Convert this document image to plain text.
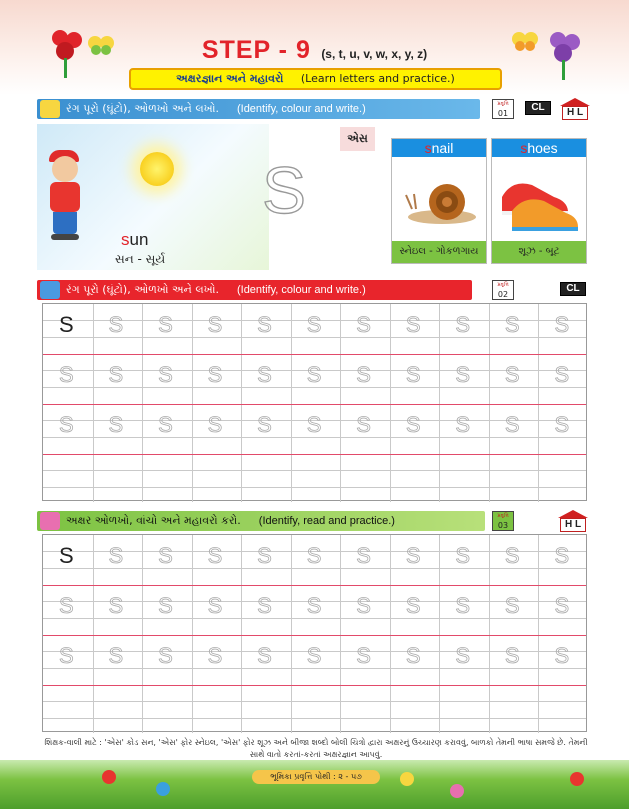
STEP - 9 (s, t, u, v, w, x, y, z)
અક્ષરજ્ઞાન અને મહાવરો (Learn letters and practice.)
રંગ પૂરો (ઘૂંટો), ઓળખો અને લખો. (Identify, colour and write.)	પ્રવૃત્તિ
01
CL	H L
sun
સન - સૂર્ય
S
એસ
snail
સ્નેઇલ - ગોકળગાય
shoes
શૂઝ - બૂટ
રંગ પૂરો (ઘૂંટો), ઓળખો અને લખો. (Identify, colour and write.)	પ્રવૃત્તિ
02
CL
S S S S S S S S S S S
S S S S S S S S S S S
S S S S S S S S S S S
અક્ષર ઓળખો, વાંચો અને મહાવરો કરો. (Identify, read and practice.)	પ્રવૃત્તિ
03	H L
S S S S S S S S S S S
S S S S S S S S S S S
S S S S S S S S S S S
શિક્ષક-વાલી માટે : 'એસ' કોડ સન, 'એસ' ફોર સ્નેઇલ, 'એસ' ફોર શૂઝ અને બીજા શબ્દો બોલી ચિત્રો દ્વારા અક્ષરનું ઉચ્ચારણ કરાવવું, બાળકો તેમની ભાષા સમજે છે. તેમની સાથે વાતો કરતાં-કરતાં અક્ષરજ્ઞાન આપવું.
ભૂમિકા પ્રવૃત્તિ પોથી : ૨ - ૫૭
